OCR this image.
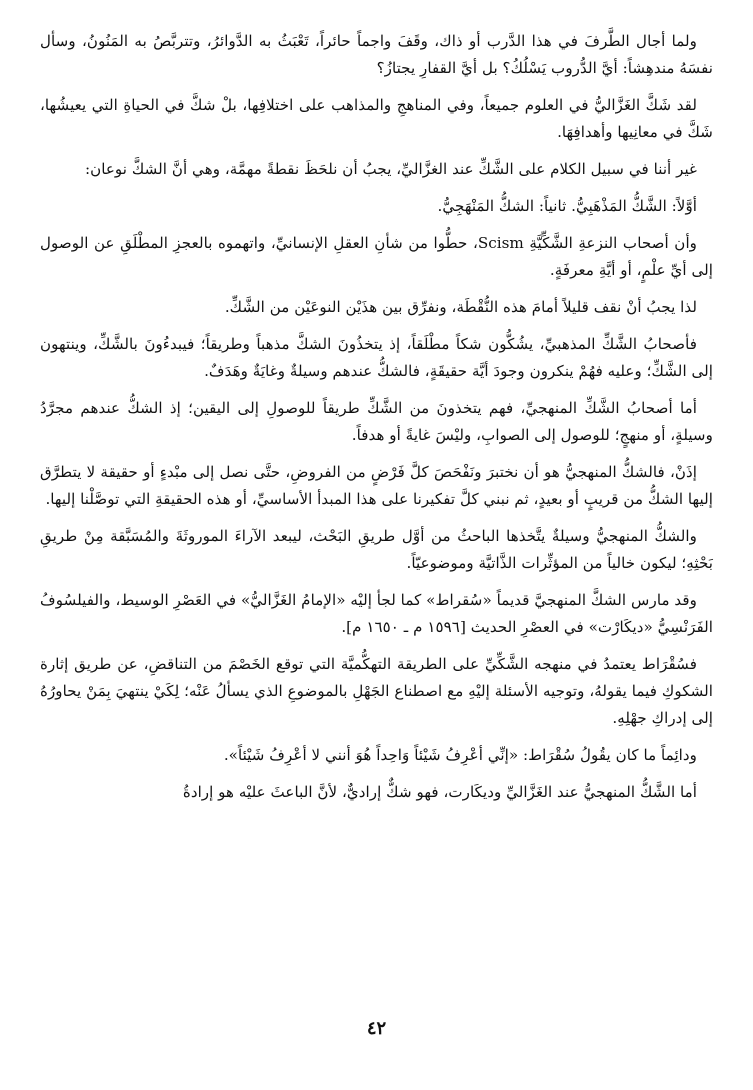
ولما أجال الطَّرفَ في هذا الدَّرب أو ذاك، وقَفَ واجماً حائراً، تَعْبَثُ به الدَّوائرُ، وتتربَّصُ به المَنُونُ، وسأل نفسَهُ مندهِشاً: أيَّ الدُّروب يَسْلُكُ؟ بل أيَّ القفارِ يجتازُ؟

لقد شَكَّ الغَزَّاليُّ في العلوم جميعاً، وفي المناهجِ والمذاهب على اختلافِها، بلْ شكَّ في الحياةِ التي يعيشُها، شَكَّ في معانِيها وأهدافِهَا.

غير أننا في سبيل الكلام على الشَّكِّ عند الغزَّاليِّ، يجبُ أن نلحَظَ نقطةً مهمَّة، وهي أنَّ الشكَّ نوعان:

أوَّلاً: الشَّكُّ المَذْهَبِيُّ. ثانياً: الشكُّ المَنْهَجِيُّ.

وأن أصحاب النزعةِ الشَّكِّيَّةِ Scism، حطُّوا من شأنِ العقلِ الإنسانيِّ، واتهموه بالعجزِ المطْلَقِ عن الوصول إلى أيِّ علْمٍ، أو أيَّةِ معرفَةٍ.

لذا يجبُ أنْ نقف قليلاً أمامَ هذه النُّقْطَة، ونفرِّق بين هذَيْن النوعَيْن من الشَّكِّ.

فأصحابُ الشَّكِّ المذهبيِّ، يشُكُّون شكاً مطْلَقاً، إذ يتخذُونَ الشكَّ مذهباً وطريقاً؛ فيبدءُونَ بالشَّكِّ، وينتهون إلى الشَّكِّ؛ وعليه فهُمْ ينكرون وجودَ أيَّة حقيقَةٍ، فالشكُّ عندهم وسيلةٌ وغايَةٌ وهَدَفٌ.

أما أصحابُ الشَّكِّ المنهجيِّ، فهم يتخذونَ من الشَّكِّ طريقاً للوصولِ إلى اليقين؛ إذ الشكُّ عندهم مجرَّدُ وسيلةٍ، أو منهجٍ؛ للوصول إلى الصوابِ، وليْسَ غايةً أو هدفاً.

إذَنْ، فالشكُّ المنهجيُّ هو أن نختبرَ ونَفْحَصَ كلَّ فَرْضٍ من الفروضِ، حتَّى نصل إلى مبْدءٍ أو حقيقة لا يتطرَّق إليها الشكُّ من قريبٍ أو بعيدٍ، ثم نبني كلَّ تفكيرنا على هذا المبدأ الأساسيِّ، أو هذه الحقيقةِ التي توصَّلْنا إليها.

والشكُّ المنهجيُّ وسيلةٌ يتَّخذها الباحثُ من أوَّل طريقِ البَحْث، ليبعد الآراءَ الموروثَةَ والمُسَبَّقة مِنْ طريقِ بَحْثِهِ؛ ليكون خالياً من المؤثِّرات الذَّاتيَّة وموضوعيّاً.

وقد مارس الشكَّ المنهجيَّ قديماً «سُقراط» كما لجأ إليْه «الإمامُ الغَزَّاليُّ» في العَصْرِ الوسيط، والفيلسُوفُ الفَرَنْسِيُّ «ديكَارْت» في العصْرِ الحديث [١٥٩٦ م ـ ١٦٥٠ م].

فسُقْرَاط يعتمدُ في منهجه الشَّكِّيِّ على الطريقة التهكُّميَّة التي توقع الخَصْمَ من التناقضِ، عن طريق إثارة الشكوكِ فيما يقولهُ، وتوجيه الأسئلة إليْهِ مع اصطناع الجَهْلِ بالموضوعِ الذي يسألُ عَنْه؛ لِكَيْ ينتهيَ بِمَنْ يحاورُهُ إلى إدراكِ جهْلِهِ.

ودائِماً ما كان يقُولُ سُقْرَاط: «إنِّي أعْرِفُ شَيْئاً وَاحِداً هُوَ أنني لا أعْرِفُ شَيْئاً».

أما الشَّكُّ المنهجيُّ عند الغَزَّاليِّ وديكَارت، فهو شكٌّ إراديٌّ، لأنَّ الباعثَ عليْه هو إرادةُ

٤٢
